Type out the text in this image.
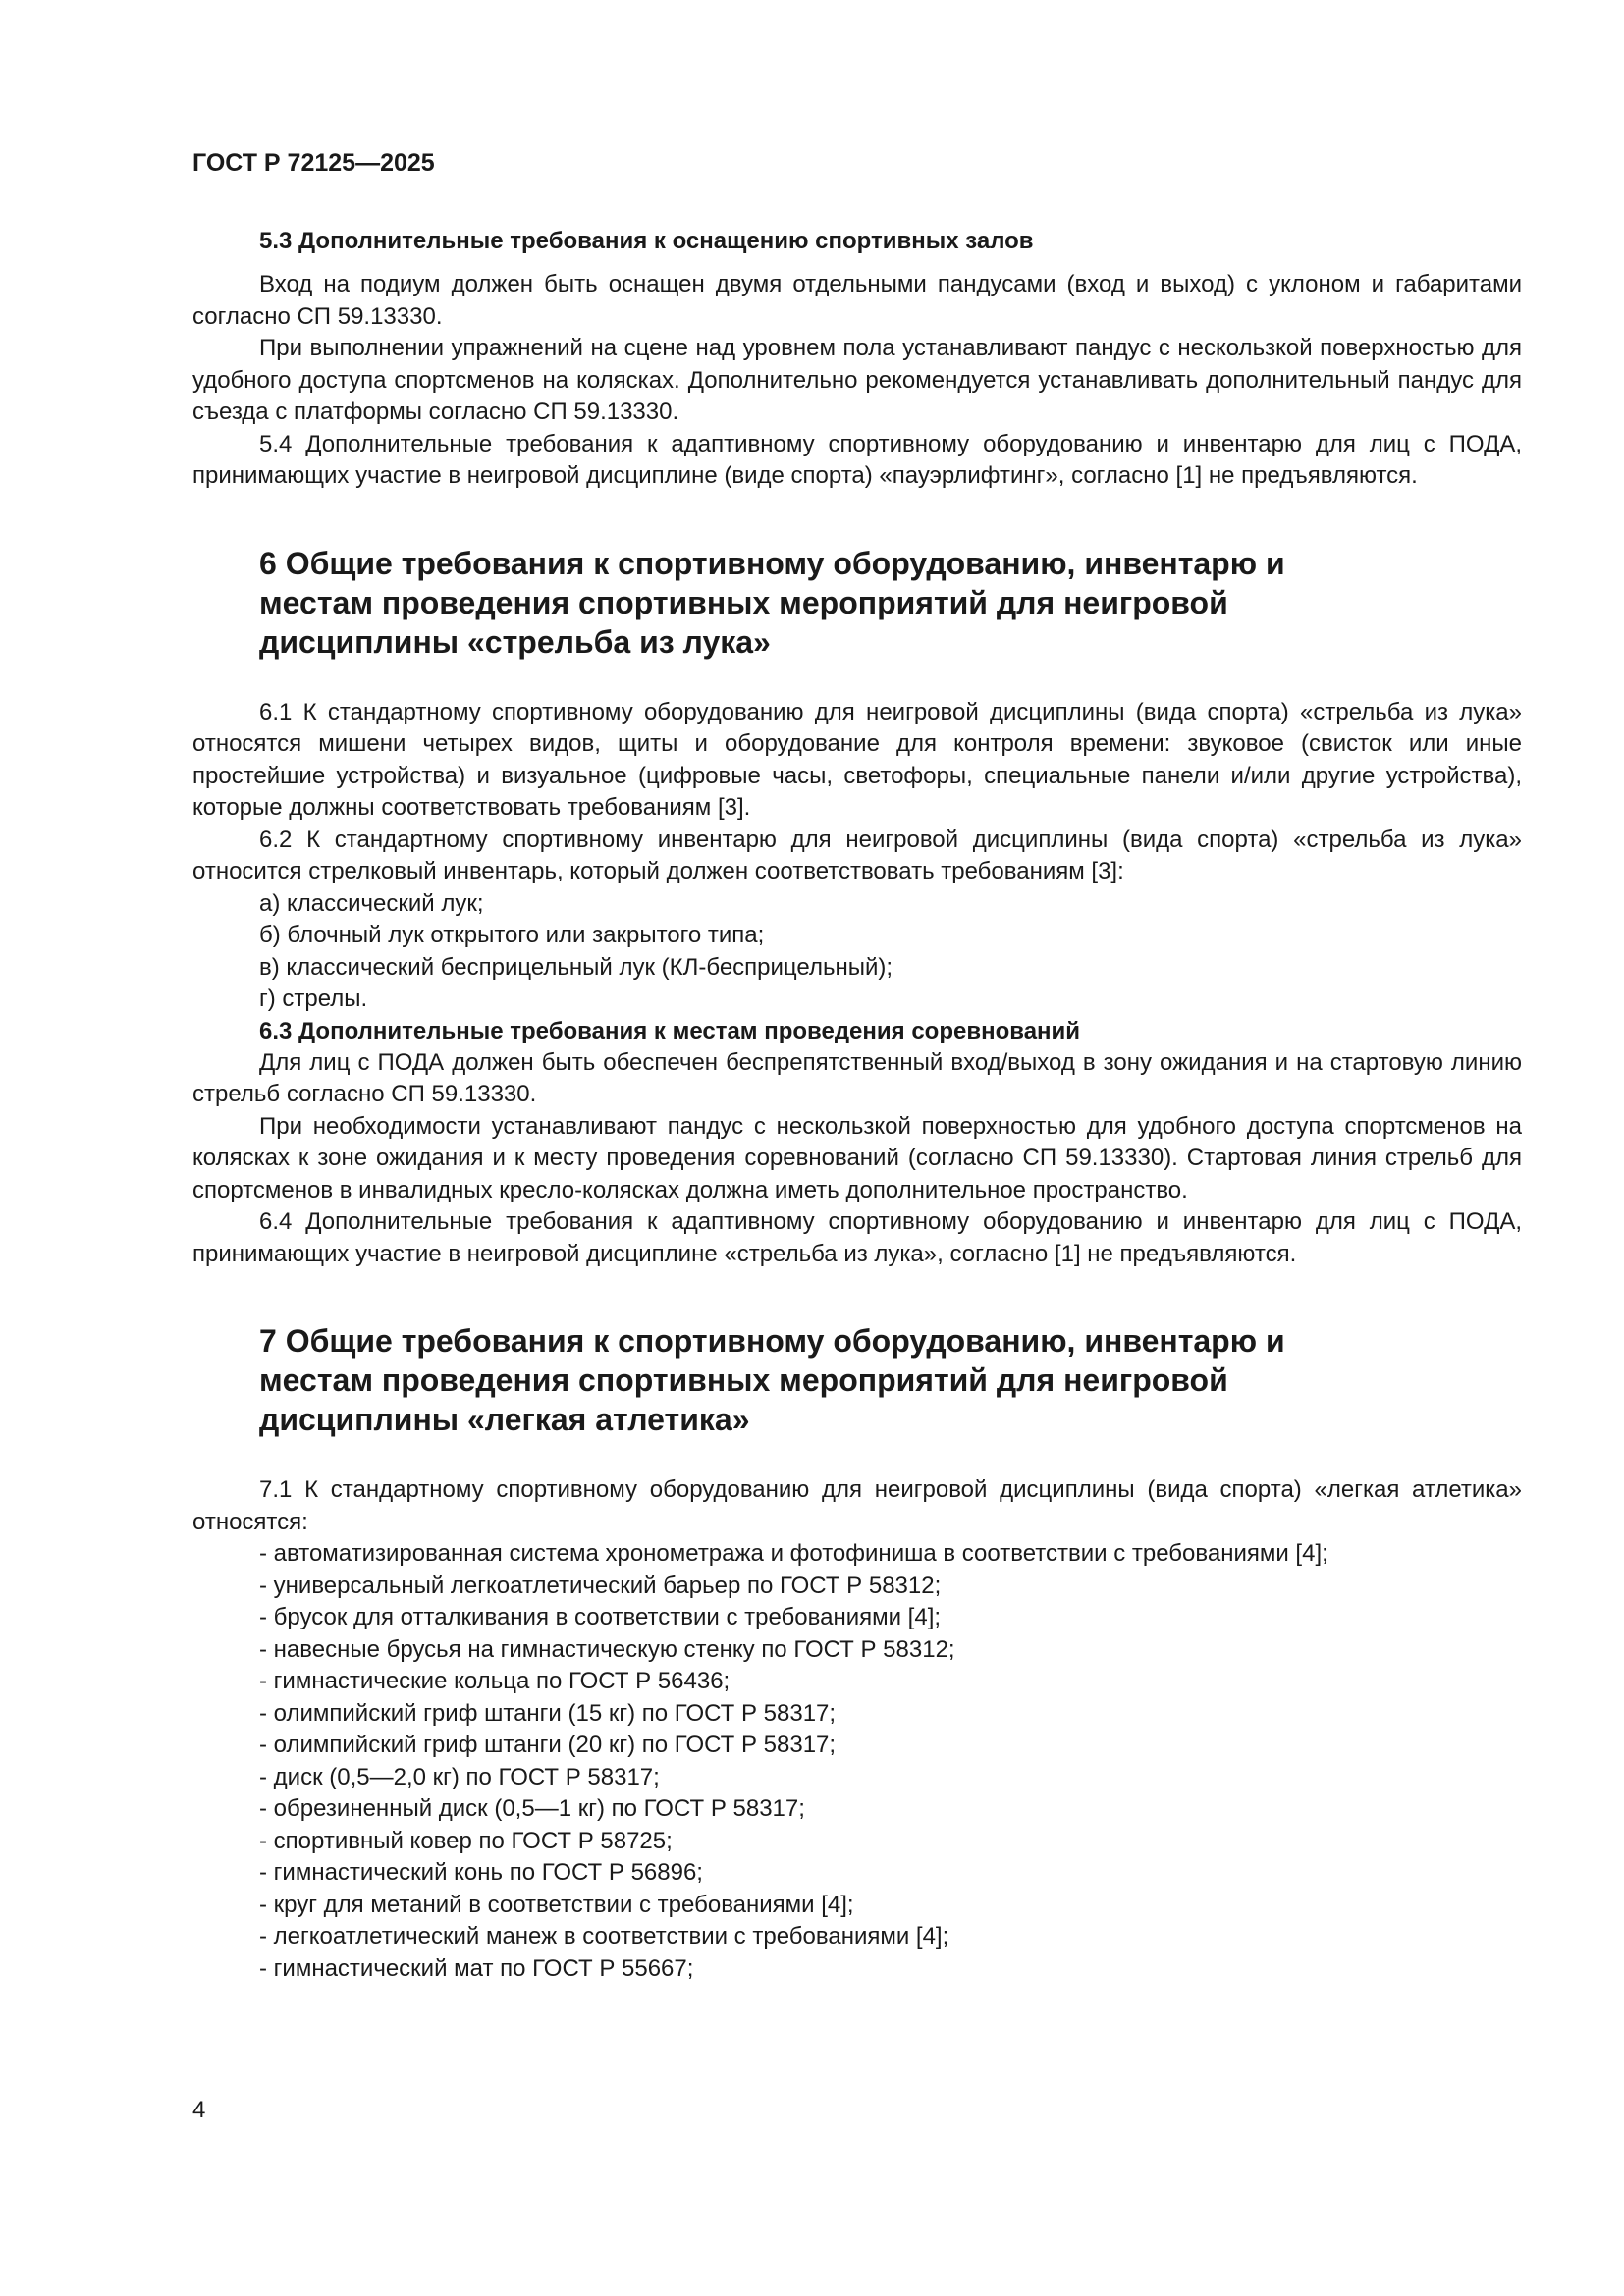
ГОСТ Р 72125—2025
5.3 Дополнительные требования к оснащению спортивных залов

Вход на подиум должен быть оснащен двумя отдельными пандусами (вход и выход) с уклоном и габаритами согласно СП 59.13330.

При выполнении упражнений на сцене над уровнем пола устанавливают пандус с нескользкой поверхностью для удобного доступа спортсменов на колясках. Дополнительно рекомендуется устанавливать дополнительный пандус для съезда с платформы согласно СП 59.13330.

5.4 Дополнительные требования к адаптивному спортивному оборудованию и инвентарю для лиц с ПОДА, принимающих участие в неигровой дисциплине (виде спорта) «пауэрлифтинг», согласно [1] не предъявляются.

6 Общие требования к спортивному оборудованию, инвентарю и местам проведения спортивных мероприятий для неигровой дисциплины «стрельба из лука»

6.1 К стандартному спортивному оборудованию для неигровой дисциплины (вида спорта) «стрельба из лука» относятся мишени четырех видов, щиты и оборудование для контроля времени: звуковое (свисток или иные простейшие устройства) и визуальное (цифровые часы, светофоры, специальные панели и/или другие устройства), которые должны соответствовать требованиям [3].

6.2 К стандартному спортивному инвентарю для неигровой дисциплины (вида спорта) «стрельба из лука» относится стрелковый инвентарь, который должен соответствовать требованиям [3]:

а) классический лук;

б) блочный лук открытого или закрытого типа;

в) классический беcприцельный лук (КЛ-бесприцельный);

г) стрелы.

6.3 Дополнительные требования к местам проведения соревнований

Для лиц с ПОДА должен быть обеспечен беспрепятственный вход/выход в зону ожидания и на стартовую линию стрельб согласно СП 59.13330.

При необходимости устанавливают пандус с нескользкой поверхностью для удобного доступа спортсменов на колясках к зоне ожидания и к месту проведения соревнований (согласно СП 59.13330). Стартовая линия стрельб для спортсменов в инвалидных кресло-колясках должна иметь дополнительное пространство.

6.4 Дополнительные требования к адаптивному спортивному оборудованию и инвентарю для лиц с ПОДА, принимающих участие в неигровой дисциплине «стрельба из лука», согласно [1] не предъявляются.

7 Общие требования к спортивному оборудованию, инвентарю и местам проведения спортивных мероприятий для неигровой дисциплины «легкая атлетика»

7.1 К стандартному спортивному оборудованию для неигровой дисциплины (вида спорта) «легкая атлетика» относятся:

- автоматизированная система хронометража и фотофиниша в соответствии с требованиями [4];

- универсальный легкоатлетический барьер по ГОСТ Р 58312;

- брусок для отталкивания в соответствии с требованиями [4];

- навесные брусья на гимнастическую стенку по ГОСТ Р 58312;

- гимнастические кольца по ГОСТ Р 56436;

- олимпийский гриф штанги (15 кг) по ГОСТ Р 58317;

- олимпийский гриф штанги (20 кг) по ГОСТ Р 58317;

- диск (0,5—2,0 кг) по ГОСТ Р 58317;

- обрезиненный диск (0,5—1 кг) по ГОСТ Р 58317;

- спортивный ковер по ГОСТ Р 58725;

- гимнастический конь по ГОСТ Р 56896;

- круг для метаний в соответствии с требованиями [4];

- легкоатлетический манеж в соответствии с требованиями [4];

- гимнастический мат по ГОСТ Р 55667;

4
